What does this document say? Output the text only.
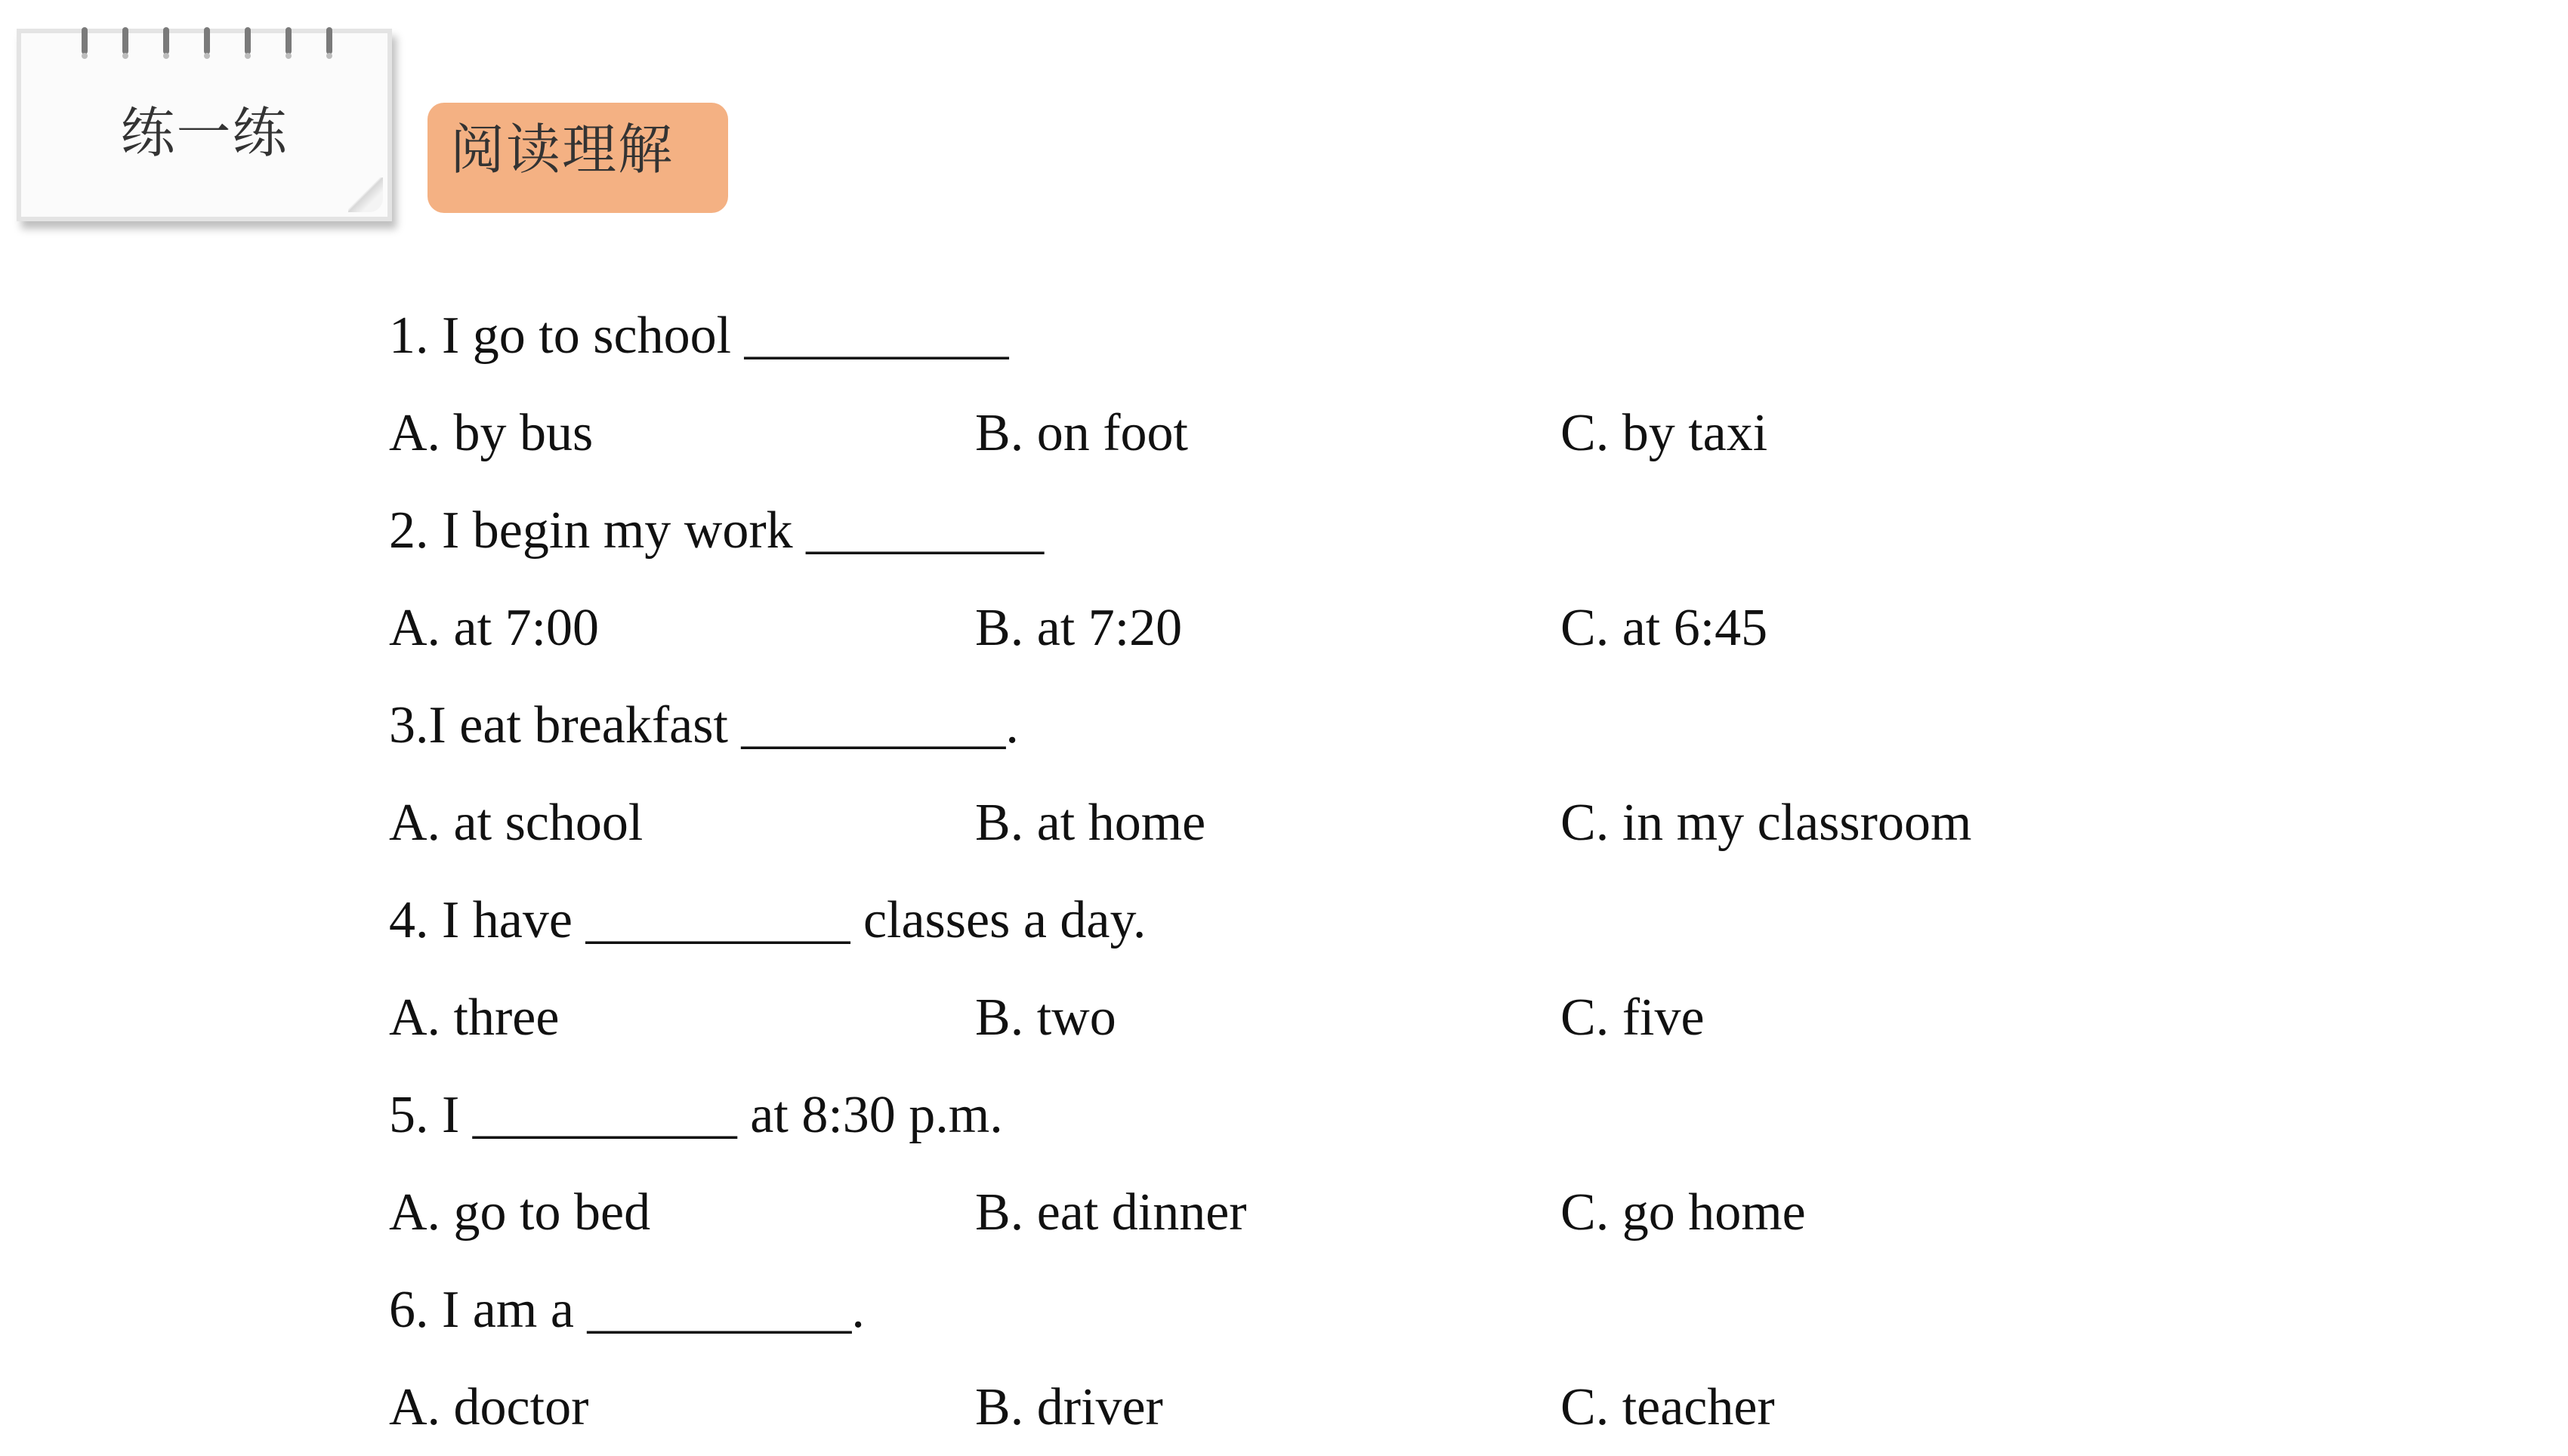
练一练	阅读理解
1. I go to school __________
A. by bus	B. on foot	C. by taxi
2. I begin my work _________
A. at 7:00	B. at 7:20	C. at 6:45
3.I eat breakfast __________.
A. at school	B. at home	C. in my classroom
4. I have __________ classes a day.
A. three	B. two	C. five
5. I __________ at 8:30 p.m.
A. go to bed	B. eat dinner	C. go home
6. I am a __________.
A. doctor	B. driver	C. teacher
